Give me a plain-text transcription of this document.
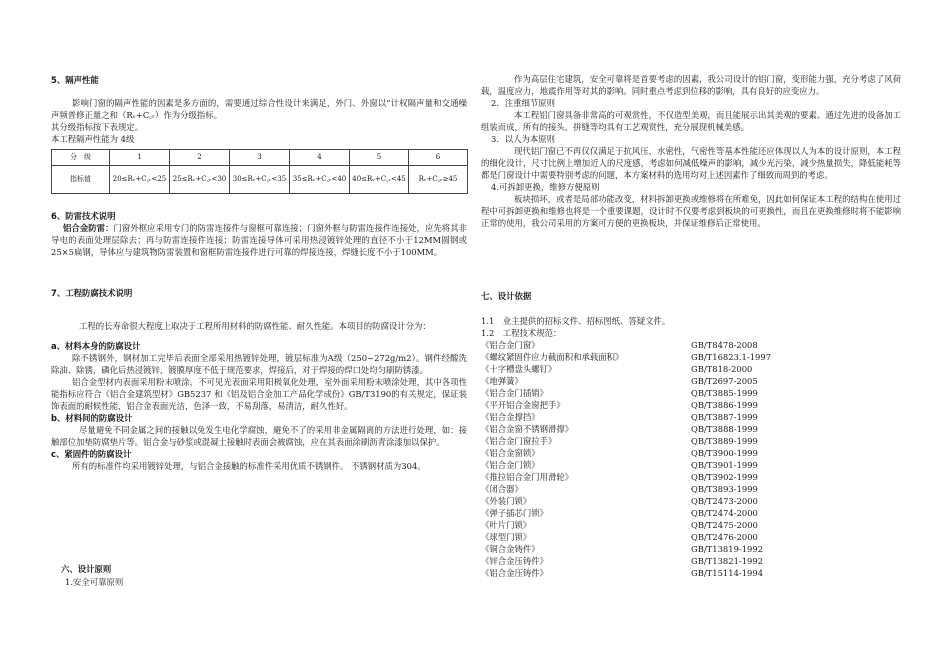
5、隔声性能

影响门窗的隔声性能的因素是多方面的，需要通过综合性设计来满足，外门、外窗以“计权隔声量和交通噪声频普修正量之和（Rᵥ+C꜀ᵣ）作为分级指标。

其分级指标按下表规定。

本工程隔声性能为 4级

分　级	1	2	3	4	5	6
指标值	20≤Rᵥ+C꜀ᵣ<25	25≤Rᵥ+C꜀ᵣ<30	30≤Rᵥ+C꜀ᵣ<35	35≤Rᵥ+C꜀ᵣ<40	40≤Rᵥ+C꜀ᵣ<45	Rᵥ+C꜀ᵣ≥45
6、防雷技术说明

铝合金防雷：门窗外框应采用专门的防雷连接件与窗框可靠连接；门窗外框与防雷连接件连接处，应先将其非导电的表面处理层除去；再与防雷连接件连接；防雷连接导体可采用热浸镀锌处理的直径不小于12MM圆钢或25×5扁钢，导体应与建筑物防雷装置和窗框防雷连接件进行可靠的焊接连接，焊缝长度不小于100MM。

7、工程防腐技术说明

工程的长寿命很大程度上取决于工程所用材料的防腐性能、耐久性能。本项目的防腐设计分为：

a、材料本身的防腐设计

除不锈钢外，钢材加工完毕后表面全部采用热镀锌处理，镀层标准为A级（250~272g/m2）。钢件经酸洗除油、除锈，磷化后热浸镀锌，镀膜厚度不低于规范要求，焊接后，对于焊接的焊口处均匀刷防锈漆。

铝合金型材内表面采用粉末喷涂，不可见光表面采用阳极氧化处理，室外面采用粉末喷涂处理，其中各项性能指标应符合《铝合金建筑型材》GB5237 和《铝及铝合金加工产品化学成份》GB/T3190的有关规定，保证装饰表面的耐候性能，铝合金表面光洁，色泽一致，不易刮落，易清洁，耐久性好。

b、材料间的防腐设计

尽量避免不同金属之间的接触以免发生电化学腐蚀，避免不了的采用非金属隔离的方法进行处理，如：接触部位加垫防腐垫片等。铝合金与砂浆或混凝土接触时表面会被腐蚀，应在其表面涂刷沥青涂漆加以保护。

c、紧固件的防腐设计

所有的标准件均采用镀锌处理，与铝合金接触的标准件采用优质不锈钢件。 不锈钢材质为304。

六、设计原则
1.安全可靠原则

作为高层住宅建筑，安全可靠将是首要考虑的因素，我公司设计的铝门窗，变形能力强，充分考虑了风荷载，温度应力，地震作用等对其的影响。同时重点考虑到位移的影响，具有良好的应变应力。

2．注重细节原则

本工程铝门窗具备非常高的可观赏性，不仅造型美观，而且能展示出其美观的要素。通过先进的设备加工组装而成，所有的接头，拼缝等均具有工艺观赏性，充分展现机械美感。

3．以人为本原则

现代铝门窗已不再仅仅满足于抗风压，水密性，气密性等基本性能还应体现以人为本的设计原则，本工程的细化设计，尺寸比例上增加近人的尺度感，考虑如何减低噪声的影响，减少光污染，减少热量损失，降低能耗等都是门窗设计中需要特别考虑的问题，本方案材料的选用均对上述因素作了细致而周到的考虑。

4.可拆卸更换，维修方便原则

板块损坏，或者是局部功能改变，材料拆卸更换或维修将在所难免，因此如何保证本工程的结构在使用过程中可拆卸更换和维修也将是一个重要课题，设计时不仅要考虑到板块的可更换性，而且在更换维修时将不能影响正常的使用，我公司采用的方案可方便的更换板块，并保证维修后正常使用。

七、设计依据
1.1　业主提供的招标文件、招标图纸、答疑文件。
1.2　工程技术规范：
《铝合金门窗》	GB/T8478-2008
《螺纹紧固件应力截面积和承载面积》	GB/T16823.1-1997
《十字槽盘头螺钉》	GB/T818-2000
《地弹簧》	GB/T2697-2005
《铝合金门插销》	QB/T3885-1999
《平开铝合金窗把手》	QB/T3886-1999
《铝合金撑挡》	QB/T3887-1999
《铝合金窗不锈钢滑撑》	QB/T3888-1999
《铝合金门窗拉手》	QB/T3889-1999
《铝合金窗锁》	QB/T3900-1999
《铝合金门锁》	QB/T3901-1999
《推拉铝合金门用滑轮》	QB/T3902-1999
《闭合器》	QB/T3893-1999
《外装门锁》	QB/T2473-2000
《弹子插芯门锁》	QB/T2474-2000
《叶片门锁》	QB/T2475-2000
《球型门锁》	QB/T2476-2000
《铜合金铸件》	GB/T13819-1992
《锌合金压铸件》	GB/T13821-1992
《铝合金压铸件》	GB/T15114-1994
